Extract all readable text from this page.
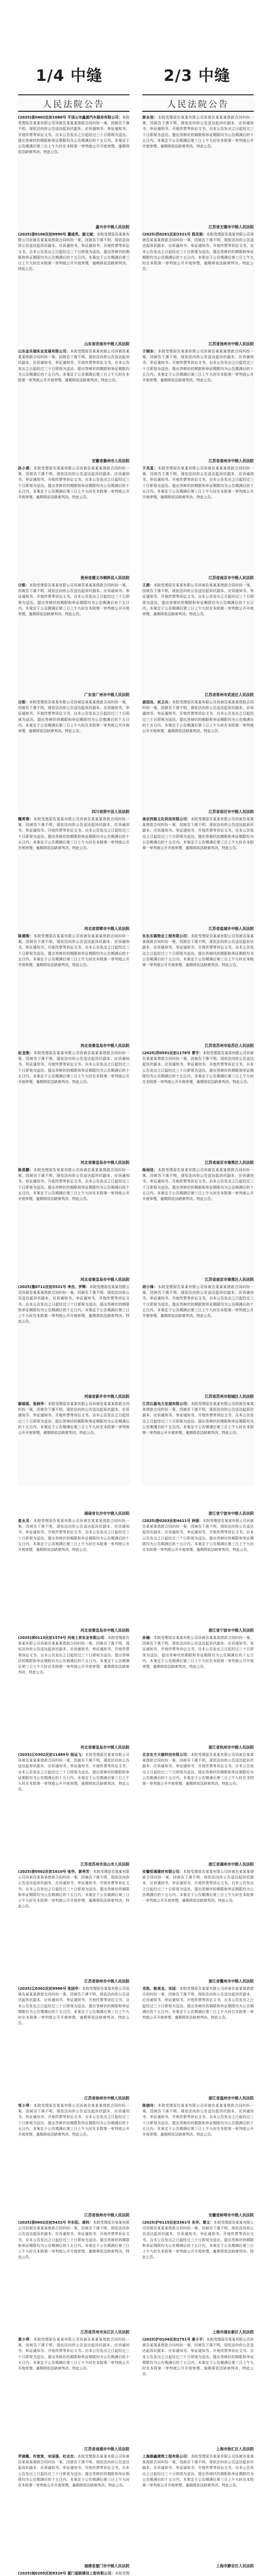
1/4 中缝	2/3 中缝
人民法院公告
(2025)浙0402民初1080号 平顶山市鑫源汽车服务有限公司：本院受理原告某某有限公司诉被告某某某借款合同纠纷一案，因被告下落不明，现依法向你公告送达起诉状副本、应诉通知书、举证通知书、开庭传票等诉讼文书。自本公告发出之日起经过三十日即视为送达。提出答辩状的期限和举证期限均为公告期满后的十五日内。本案定于公告期满后第三日上午九时在本院第一审判庭公开开庭审理，逾期将依法缺席判决。特此公告。
嘉兴市中级人民法院
(2025)浙0106民初0990号 董咸英、谢文斌：本院受理原告某某有限公司诉被告某某某借款合同纠纷一案，因被告下落不明，现依法向你公告送达起诉状副本、应诉通知书、举证通知书、开庭传票等诉讼文书。自本公告发出之日起经过三十日即视为送达。提出答辩状的期限和举证期限均为公告期满后的十五日内。本案定于公告期满后第三日上午九时在本院第一审判庭公开开庭审理，逾期将依法缺席判决。特此公告。
山东省济南市中级人民法院
山东金乐瑞实业发展有限公司：本院受理原告某某有限公司诉被告某某某借款合同纠纷一案，因被告下落不明，现依法向你公告送达起诉状副本、应诉通知书、举证通知书、开庭传票等诉讼文书。自本公告发出之日起经过三十日即视为送达。提出答辩状的期限和举证期限均为公告期满后的十五日内。本案定于公告期满后第三日上午九时在本院第一审判庭公开开庭审理，逾期将依法缺席判决。特此公告。
安徽省滁州市人民法院
孙小燕：本院受理原告某某有限公司诉被告某某某借款合同纠纷一案，因被告下落不明，现依法向你公告送达起诉状副本、应诉通知书、举证通知书、开庭传票等诉讼文书。自本公告发出之日起经过三十日即视为送达。提出答辩状的期限和举证期限均为公告期满后的十五日内。本案定于公告期满后第三日上午九时在本院第一审判庭公开开庭审理，逾期将依法缺席判决。特此公告。
贵州省遵义市桐梓县人民法院
白银：本院受理原告某某有限公司诉被告某某某借款合同纠纷一案，因被告下落不明，现依法向你公告送达起诉状副本、应诉通知书、举证通知书、开庭传票等诉讼文书。自本公告发出之日起经过三十日即视为送达。提出答辩状的期限和举证期限均为公告期满后的十五日内。本案定于公告期满后第三日上午九时在本院第一审判庭公开开庭审理，逾期将依法缺席判决。特此公告。
广东省广州市中级人民法院
白银：本院受理原告某某有限公司诉被告某某某借款合同纠纷一案，因被告下落不明，现依法向你公告送达起诉状副本、应诉通知书、举证通知书、开庭传票等诉讼文书。自本公告发出之日起经过三十日即视为送达。提出答辩状的期限和举证期限均为公告期满后的十五日内。本案定于公告期满后第三日上午九时在本院第一审判庭公开开庭审理，逾期将依法缺席判决。特此公告。
四川省资中县人民法院
魏希蓉：本院受理原告某某有限公司诉被告某某某借款合同纠纷一案，因被告下落不明，现依法向你公告送达起诉状副本、应诉通知书、举证通知书、开庭传票等诉讼文书。自本公告发出之日起经过三十日即视为送达。提出答辩状的期限和举证期限均为公告期满后的十五日内。本案定于公告期满后第三日上午九时在本院第一审判庭公开开庭审理，逾期将依法缺席判决。特此公告。
河北省邯郸市中级人民法院
陈建刚：本院受理原告某某有限公司诉被告某某某借款合同纠纷一案，因被告下落不明，现依法向你公告送达起诉状副本、应诉通知书、举证通知书、开庭传票等诉讼文书。自本公告发出之日起经过三十日即视为送达。提出答辩状的期限和举证期限均为公告期满后的十五日内。本案定于公告期满后第三日上午九时在本院第一审判庭公开开庭审理，逾期将依法缺席判决。特此公告。
河北省秦皇岛市中级人民法院
赵龙刚：本院受理原告某某有限公司诉被告某某某借款合同纠纷一案，因被告下落不明，现依法向你公告送达起诉状副本、应诉通知书、举证通知书、开庭传票等诉讼文书。自本公告发出之日起经过三十日即视为送达。提出答辩状的期限和举证期限均为公告期满后的十五日内。本案定于公告期满后第三日上午九时在本院第一审判庭公开开庭审理，逾期将依法缺席判决。特此公告。
河北省秦皇岛市中级人民法院
陈恩鹏：本院受理原告某某有限公司诉被告某某某借款合同纠纷一案，因被告下落不明，现依法向你公告送达起诉状副本、应诉通知书、举证通知书、开庭传票等诉讼文书。自本公告发出之日起经过三十日即视为送达。提出答辩状的期限和举证期限均为公告期满后的十五日内。本案定于公告期满后第三日上午九时在本院第一审判庭公开开庭审理，逾期将依法缺席判决。特此公告。
河北省秦皇岛市中级人民法院
(2025)豫0711民初5531号 李杰、罗辉：本院受理原告某某有限公司诉被告某某某借款合同纠纷一案，因被告下落不明，现依法向你公告送达起诉状副本、应诉通知书、举证通知书、开庭传票等诉讼文书。自本公告发出之日起经过三十日即视为送达。提出答辩状的期限和举证期限均为公告期满后的十五日内。本案定于公告期满后第三日上午九时在本院第一审判庭公开开庭审理，逾期将依法缺席判决。特此公告。
河南省新乡市中级人民法院
谢瑶瑶、张炳华：本院受理原告某某有限公司诉被告某某某借款合同纠纷一案，因被告下落不明，现依法向你公告送达起诉状副本、应诉通知书、举证通知书、开庭传票等诉讼文书。自本公告发出之日起经过三十日即视为送达。提出答辩状的期限和举证期限均为公告期满后的十五日内。本案定于公告期满后第三日上午九时在本院第一审判庭公开开庭审理，逾期将依法缺席判决。特此公告。
湖南省长沙市中级人民法院
崔永灵：本院受理原告某某有限公司诉被告某某某借款合同纠纷一案，因被告下落不明，现依法向你公告送达起诉状副本、应诉通知书、举证通知书、开庭传票等诉讼文书。自本公告发出之日起经过三十日即视为送达。提出答辩状的期限和举证期限均为公告期满后的十五日内。本案定于公告期满后第三日上午九时在本院第一审判庭公开开庭审理，逾期将依法缺席判决。特此公告。
河北省秦皇岛市中级人民法院
(2025)津0113民初1574号 河南上昇实业有限公司：本院受理原告某某有限公司诉被告某某某借款合同纠纷一案，因被告下落不明，现依法向你公告送达起诉状副本、应诉通知书、举证通知书、开庭传票等诉讼文书。自本公告发出之日起经过三十日即视为送达。提出答辩状的期限和举证期限均为公告期满后的十五日内。本案定于公告期满后第三日上午九时在本院第一审判庭公开开庭审理，逾期将依法缺席判决。特此公告。
河北省秦皇岛市中级人民法院
(2025)辽0302民初11489号 杨运飞：本院受理原告某某有限公司诉被告某某某借款合同纠纷一案，因被告下落不明，现依法向你公告送达起诉状副本、应诉通知书、举证通知书、开庭传票等诉讼文书。自本公告发出之日起经过三十日即视为送达。提出答辩状的期限和举证期限均为公告期满后的十五日内。本案定于公告期满后第三日上午九时在本院第一审判庭公开开庭审理，逾期将依法缺席判决。特此公告。
江苏省苏州市昆山市人民法院
(2025)浙0502民初1010号 张华、郭秀芳：本院受理原告某某有限公司诉被告某某某借款合同纠纷一案，因被告下落不明，现依法向你公告送达起诉状副本、应诉通知书、举证通知书、开庭传票等诉讼文书。自本公告发出之日起经过三十日即视为送达。提出答辩状的期限和举证期限均为公告期满后的十五日内。本案定于公告期满后第三日上午九时在本院第一审判庭公开开庭审理，逾期将依法缺席判决。特此公告。
江苏省徐州市中级人民法院
(2025)辽0302民初9986号 张国华：本院受理原告某某有限公司诉被告某某某借款合同纠纷一案，因被告下落不明，现依法向你公告送达起诉状副本、应诉通知书、举证通知书、开庭传票等诉讼文书。自本公告发出之日起经过三十日即视为送达。提出答辩状的期限和举证期限均为公告期满后的十五日内。本案定于公告期满后第三日上午九时在本院第一审判庭公开开庭审理，逾期将依法缺席判决。特此公告。
江苏省徐州市中级人民法院
邹小萍：本院受理原告某某有限公司诉被告某某某借款合同纠纷一案，因被告下落不明，现依法向你公告送达起诉状副本、应诉通知书、举证通知书、开庭传票等诉讼文书。自本公告发出之日起经过三十日即视为送达。提出答辩状的期限和举证期限均为公告期满后的十五日内。本案定于公告期满后第三日上午九时在本院第一审判庭公开开庭审理，逾期将依法缺席判决。特此公告。
江苏省徐州市中级人民法院
(2025)浙0602民初5432号 许东阳、黄科：本院受理原告某某有限公司诉被告某某某借款合同纠纷一案，因被告下落不明，现依法向你公告送达起诉状副本、应诉通知书、举证通知书、开庭传票等诉讼文书。自本公告发出之日起经过三十日即视为送达。提出答辩状的期限和举证期限均为公告期满后的十五日内。本案定于公告期满后第三日上午九时在本院第一审判庭公开开庭审理，逾期将依法缺席判决。特此公告。
江苏省苏州市吴江区人民法院
黄小萍：本院受理原告某某有限公司诉被告某某某借款合同纠纷一案，因被告下落不明，现依法向你公告送达起诉状副本、应诉通知书、举证通知书、开庭传票等诉讼文书。自本公告发出之日起经过三十日即视为送达。提出答辩状的期限和举证期限均为公告期满后的十五日内。本案定于公告期满后第三日上午九时在本院第一审判庭公开开庭审理，逾期将依法缺席判决。特此公告。
江苏省南通市中级人民法院
罗晓霞、许宽宽、宋国强、杜会杰：本院受理原告某某有限公司诉被告某某某借款合同纠纷一案，因被告下落不明，现依法向你公告送达起诉状副本、应诉通知书、举证通知书、开庭传票等诉讼文书。自本公告发出之日起经过三十日即视为送达。提出答辩状的期限和举证期限均为公告期满后的十五日内。本案定于公告期满后第三日上午九时在本院第一审判庭公开开庭审理，逾期将依法缺席判决。特此公告。
福建省厦门市中级人民法院
(2025)闽0205民初9320号 厦门福联建设工程有限公司：本院受理
人民法院公告
郭永浩：本院受理原告某某有限公司诉被告某某某借款合同纠纷一案，因被告下落不明，现依法向你公告送达起诉状副本、应诉通知书、举证通知书、开庭传票等诉讼文书。自本公告发出之日起经过三十日即视为送达。提出答辩状的期限和举证期限均为公告期满后的十五日内。本案定于公告期满后第三日上午九时在本院第一审判庭公开开庭审理，逾期将依法缺席判决。特此公告。
江苏省无锡市中级人民法院
(2025)苏0281民初3321号 程灵娟：本院受理原告某某有限公司诉被告某某某借款合同纠纷一案，因被告下落不明，现依法向你公告送达起诉状副本、应诉通知书、举证通知书、开庭传票等诉讼文书。自本公告发出之日起经过三十日即视为送达。提出答辩状的期限和举证期限均为公告期满后的十五日内。本案定于公告期满后第三日上午九时在本院第一审判庭公开开庭审理，逾期将依法缺席判决。特此公告。
江苏省扬州市中级人民法院
于晓东：本院受理原告某某有限公司诉被告某某某借款合同纠纷一案，因被告下落不明，现依法向你公告送达起诉状副本、应诉通知书、举证通知书、开庭传票等诉讼文书。自本公告发出之日起经过三十日即视为送达。提出答辩状的期限和举证期限均为公告期满后的十五日内。本案定于公告期满后第三日上午九时在本院第一审判庭公开开庭审理，逾期将依法缺席判决。特此公告。
江苏省泰州市中级人民法院
于兆星：本院受理原告某某有限公司诉被告某某某借款合同纠纷一案，因被告下落不明，现依法向你公告送达起诉状副本、应诉通知书、举证通知书、开庭传票等诉讼文书。自本公告发出之日起经过三十日即视为送达。提出答辩状的期限和举证期限均为公告期满后的十五日内。本案定于公告期满后第三日上午九时在本院第一审判庭公开开庭审理，逾期将依法缺席判决。特此公告。
江苏省南京市中级人民法院
王茵：本院受理原告某某有限公司诉被告某某某借款合同纠纷一案，因被告下落不明，现依法向你公告送达起诉状副本、应诉通知书、举证通知书、开庭传票等诉讼文书。自本公告发出之日起经过三十日即视为送达。提出答辩状的期限和举证期限均为公告期满后的十五日内。本案定于公告期满后第三日上午九时在本院第一审判庭公开开庭审理，逾期将依法缺席判决。特此公告。
江苏省常州市武进区人民法院
姜国良、吴卫兵：本院受理原告某某有限公司诉被告某某某借款合同纠纷一案，因被告下落不明，现依法向你公告送达起诉状副本、应诉通知书、举证通知书、开庭传票等诉讼文书。自本公告发出之日起经过三十日即视为送达。提出答辩状的期限和举证期限均为公告期满后的十五日内。本案定于公告期满后第三日上午九时在本院第一审判庭公开开庭审理，逾期将依法缺席判决。特此公告。
江苏省宿迁市中级人民法院
南京西格文化科技有限公司：本院受理原告某某有限公司诉被告某某某借款合同纠纷一案，因被告下落不明，现依法向你公告送达起诉状副本、应诉通知书、举证通知书、开庭传票等诉讼文书。自本公告发出之日起经过三十日即视为送达。提出答辩状的期限和举证期限均为公告期满后的十五日内。本案定于公告期满后第三日上午九时在本院第一审判庭公开开庭审理，逾期将依法缺席判决。特此公告。
江苏省盐城市中级人民法院
东东东霖物业工程有限公司：本院受理原告某某有限公司诉被告某某某借款合同纠纷一案，因被告下落不明，现依法向你公告送达起诉状副本、应诉通知书、举证通知书、开庭传票等诉讼文书。自本公告发出之日起经过三十日即视为送达。提出答辩状的期限和举证期限均为公告期满后的十五日内。本案定于公告期满后第三日上午九时在本院第一审判庭公开开庭审理，逾期将依法缺席判决。特此公告。
江苏省苏州市姑苏区人民法院
(2025)苏0591民初1178号 曹宇：本院受理原告某某有限公司诉被告某某某借款合同纠纷一案，因被告下落不明，现依法向你公告送达起诉状副本、应诉通知书、举证通知书、开庭传票等诉讼文书。自本公告发出之日起经过三十日即视为送达。提出答辩状的期限和举证期限均为公告期满后的十五日内。本案定于公告期满后第三日上午九时在本院第一审判庭公开开庭审理，逾期将依法缺席判决。特此公告。
江苏省南京市秦淮区人民法院
陈雨佳：本院受理原告某某有限公司诉被告某某某借款合同纠纷一案，因被告下落不明，现依法向你公告送达起诉状副本、应诉通知书、举证通知书、开庭传票等诉讼文书。自本公告发出之日起经过三十日即视为送达。提出答辩状的期限和举证期限均为公告期满后的十五日内。本案定于公告期满后第三日上午九时在本院第一审判庭公开开庭审理，逾期将依法缺席判决。特此公告。
江苏省南京市秦淮区人民法院
胡小锋：本院受理原告某某有限公司诉被告某某某借款合同纠纷一案，因被告下落不明，现依法向你公告送达起诉状副本、应诉通知书、举证通知书、开庭传票等诉讼文书。自本公告发出之日起经过三十日即视为送达。提出答辩状的期限和举证期限均为公告期满后的十五日内。本案定于公告期满后第三日上午九时在本院第一审判庭公开开庭审理，逾期将依法缺席判决。特此公告。
江苏省苏州市相城区人民法院
江苏石磊电力发展有限公司：本院受理原告某某有限公司诉被告某某某借款合同纠纷一案，因被告下落不明，现依法向你公告送达起诉状副本、应诉通知书、举证通知书、开庭传票等诉讼文书。自本公告发出之日起经过三十日即视为送达。提出答辩状的期限和举证期限均为公告期满后的十五日内。本案定于公告期满后第三日上午九时在本院第一审判庭公开开庭审理，逾期将依法缺席判决。特此公告。
浙江省宁波市中级人民法院
(2025)浙0203民初4411号 林强：本院受理原告某某有限公司诉被告某某某借款合同纠纷一案，因被告下落不明，现依法向你公告送达起诉状副本、应诉通知书、举证通知书、开庭传票等诉讼文书。自本公告发出之日起经过三十日即视为送达。提出答辩状的期限和举证期限均为公告期满后的十五日内。本案定于公告期满后第三日上午九时在本院第一审判庭公开开庭审理，逾期将依法缺席判决。特此公告。
浙江省宁波市中级人民法院
孙楠：本院受理原告某某有限公司诉被告某某某借款合同纠纷一案，因被告下落不明，现依法向你公告送达起诉状副本、应诉通知书、举证通知书、开庭传票等诉讼文书。自本公告发出之日起经过三十日即视为送达。提出答辩状的期限和举证期限均为公告期满后的十五日内。本案定于公告期满后第三日上午九时在本院第一审判庭公开开庭审理，逾期将依法缺席判决。特此公告。
浙江省杭州市中级人民法院
北京东方天德科技有限公司：本院受理原告某某有限公司诉被告某某某借款合同纠纷一案，因被告下落不明，现依法向你公告送达起诉状副本、应诉通知书、举证通知书、开庭传票等诉讼文书。自本公告发出之日起经过三十日即视为送达。提出答辩状的期限和举证期限均为公告期满后的十五日内。本案定于公告期满后第三日上午九时在本院第一审判庭公开开庭审理，逾期将依法缺席判决。特此公告。
浙江省湖州市中级人民法院
安徽恒通建材有限公司：本院受理原告某某有限公司诉被告某某某借款合同纠纷一案，因被告下落不明，现依法向你公告送达起诉状副本、应诉通知书、举证通知书、开庭传票等诉讼文书。自本公告发出之日起经过三十日即视为送达。提出答辩状的期限和举证期限均为公告期满后的十五日内。本案定于公告期满后第三日上午九时在本院第一审判庭公开开庭审理，逾期将依法缺席判决。特此公告。
浙江省衢州市中级人民法院
邓浩、陈美龙、宋国：本院受理原告某某有限公司诉被告某某某借款合同纠纷一案，因被告下落不明，现依法向你公告送达起诉状副本、应诉通知书、举证通知书、开庭传票等诉讼文书。自本公告发出之日起经过三十日即视为送达。提出答辩状的期限和举证期限均为公告期满后的十五日内。本案定于公告期满后第三日上午九时在本院第一审判庭公开开庭审理，逾期将依法缺席判决。特此公告。
浙江省温州市中级人民法院
陈晓玲：本院受理原告某某有限公司诉被告某某某借款合同纠纷一案，因被告下落不明，现依法向你公告送达起诉状副本、应诉通知书、举证通知书、开庭传票等诉讼文书。自本公告发出之日起经过三十日即视为送达。提出答辩状的期限和举证期限均为公告期满后的十五日内。本案定于公告期满后第三日上午九时在本院第一审判庭公开开庭审理，逾期将依法缺席判决。特此公告。
安徽省蚌埠市中级人民法院
(2025)沪0115民初3361号 朱华、蔡文：本院受理原告某某有限公司诉被告某某某借款合同纠纷一案，因被告下落不明，现依法向你公告送达起诉状副本、应诉通知书、举证通知书、开庭传票等诉讼文书。自本公告发出之日起经过三十日即视为送达。提出答辩状的期限和举证期限均为公告期满后的十五日内。本案定于公告期满后第三日上午九时在本院第一审判庭公开开庭审理，逾期将依法缺席判决。特此公告。
上海市浦东新区人民法院
(2025)沪0104民初2751号 蒋小平：本院受理原告某某有限公司诉被告某某某借款合同纠纷一案，因被告下落不明，现依法向你公告送达起诉状副本、应诉通知书、举证通知书、开庭传票等诉讼文书。自本公告发出之日起经过三十日即视为送达。提出答辩状的期限和举证期限均为公告期满后的十五日内。本案定于公告期满后第三日上午九时在本院第一审判庭公开开庭审理，逾期将依法缺席判决。特此公告。
上海市徐汇区人民法院
上海鼎鑫建筑工程有限公司：本院受理原告某某有限公司诉被告某某某借款合同纠纷一案，因被告下落不明，现依法向你公告送达起诉状副本、应诉通知书、举证通知书、开庭传票等诉讼文书。自本公告发出之日起经过三十日即视为送达。提出答辩状的期限和举证期限均为公告期满后的十五日内。本案定于公告期满后第三日上午九时在本院第一审判庭公开开庭审理，逾期将依法缺席判决。特此公告。
上海市静安区人民法院
